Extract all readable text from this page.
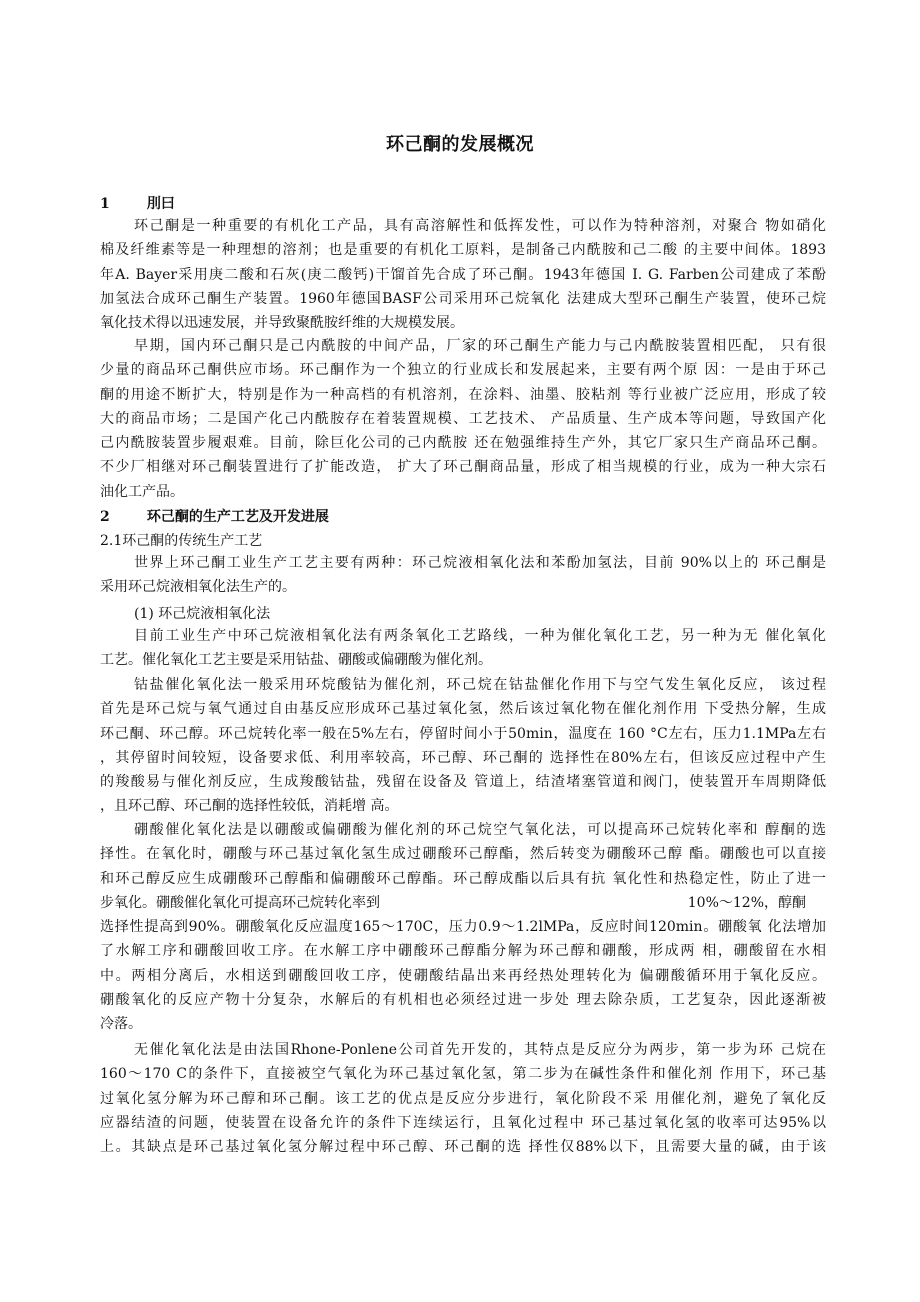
环己酮的发展概况
1	刖曰
环己酮是一种重要的有机化工产品，具有高溶解性和低挥发性，可以作为特种溶剂，对聚合 物如硝化
棉及纤维素等是一种理想的溶剂；也是重要的有机化工原料，是制备己内酰胺和己二酸 的主要中间体。1893
年A. Bayer采用庚二酸和石灰(庚二酸钙)干馏首先合成了环己酮。1943年德国 I. G. Farben公司建成了苯酚
加氢法合成环己酮生产装置。1960年德国BASF公司采用环己烷氧化 法建成大型环己酮生产装置，使环己烷
氧化技术得以迅速发展，并导致聚酰胺纤维的大规模发展。
早期，国内环己酮只是己内酰胺的中间产品，厂家的环己酮生产能力与己内酰胺装置相匹配， 只有很
少量的商品环己酮供应市场。环己酮作为一个独立的行业成长和发展起来，主要有两个原 因：一是由于环己
酮的用途不断扩大，特别是作为一种高档的有机溶剂，在涂料、油墨、胶粘剂 等行业被广泛应用，形成了较
大的商品市场；二是国产化己内酰胺存在着装置规模、工艺技术、 产品质量、生产成本等问题，导致国产化
己内酰胺装置步履艰难。目前，除巨化公司的己内酰胺 还在勉强维持生产外，其它厂家只生产商品环己酮。
不少厂相继对环己酮装置进行了扩能改造， 扩大了环己酮商品量，形成了相当规模的行业，成为一种大宗石
油化工产品。
2	环己酮的生产工艺及开发进展
2.1环己酮的传统生产工艺
世界上环己酮工业生产工艺主要有两种：环己烷液相氧化法和苯酚加氢法，目前 90%以上的 环己酮是
采用环己烷液相氧化法生产的。
(1) 环己烷液相氧化法
目前工业生产中环己烷液相氧化法有两条氧化工艺路线，一种为催化氧化工艺，另一种为无 催化氧化
工艺。催化氧化工艺主要是采用钴盐、硼酸或偏硼酸为催化剂。
钴盐催化氧化法一般采用环烷酸钴为催化剂，环己烷在钴盐催化作用下与空气发生氧化反应， 该过程
首先是环己烷与氧气通过自由基反应形成环己基过氧化氢，然后该过氧化物在催化剂作用 下受热分解，生成
环己酮、环己醇。环己烷转化率一般在5%左右，停留时间小于50min，温度在 160 °C左右，压力1.1MPa左右
，其停留时间较短，设备要求低、利用率较高，环己醇、环己酮的 选择性在80%左右，但该反应过程中产生
的羧酸易与催化剂反应，生成羧酸钴盐，残留在设备及 管道上，结渣堵塞管道和阀门，使装置开车周期降低
，且环己醇、环己酮的选择性较低，消耗增 高。
硼酸催化氧化法是以硼酸或偏硼酸为催化剂的环己烷空气氧化法，可以提高环己烷转化率和 醇酮的选
择性。在氧化时，硼酸与环己基过氧化氢生成过硼酸环己醇酯，然后转变为硼酸环己醇 酯。硼酸也可以直接
和环己醇反应生成硼酸环己醇酯和偏硼酸环己醇酯。环己醇成酯以后具有抗 氧化性和热稳定性，防止了进一
步氧化。硼酸催化氧化可提高环己烷转化率到	10%〜12%，醇酮
选择性提高到90%。硼酸氧化反应温度165〜170C，压力0.9〜1.2lMPa，反应时间120min。硼酸氧 化法增加
了水解工序和硼酸回收工序。在水解工序中硼酸环己醇酯分解为环己醇和硼酸，形成两 相，硼酸留在水相
中。两相分离后，水相送到硼酸回收工序，使硼酸结晶出来再经热处理转化为 偏硼酸循环用于氧化反应。
硼酸氧化的反应产物十分复杂，水解后的有机相也必须经过进一步处 理去除杂质，工艺复杂，因此逐渐被
冷落。
无催化氧化法是由法国Rhone-Ponlene公司首先开发的，其特点是反应分为两步，第一步为环 己烷在
160〜170 C的条件下，直接被空气氧化为环己基过氧化氢，第二步为在碱性条件和催化剂 作用下，环己基
过氧化氢分解为环己醇和环己酮。该工艺的优点是反应分步进行，氧化阶段不采 用催化剂，避免了氧化反
应器结渣的问题，使装置在设备允许的条件下连续运行，且氧化过程中 环己基过氧化氢的收率可达95%以
上。其缺点是环己基过氧化氢分解过程中环己醇、环己酮的选 择性仅88%以下，且需要大量的碱，由于该
